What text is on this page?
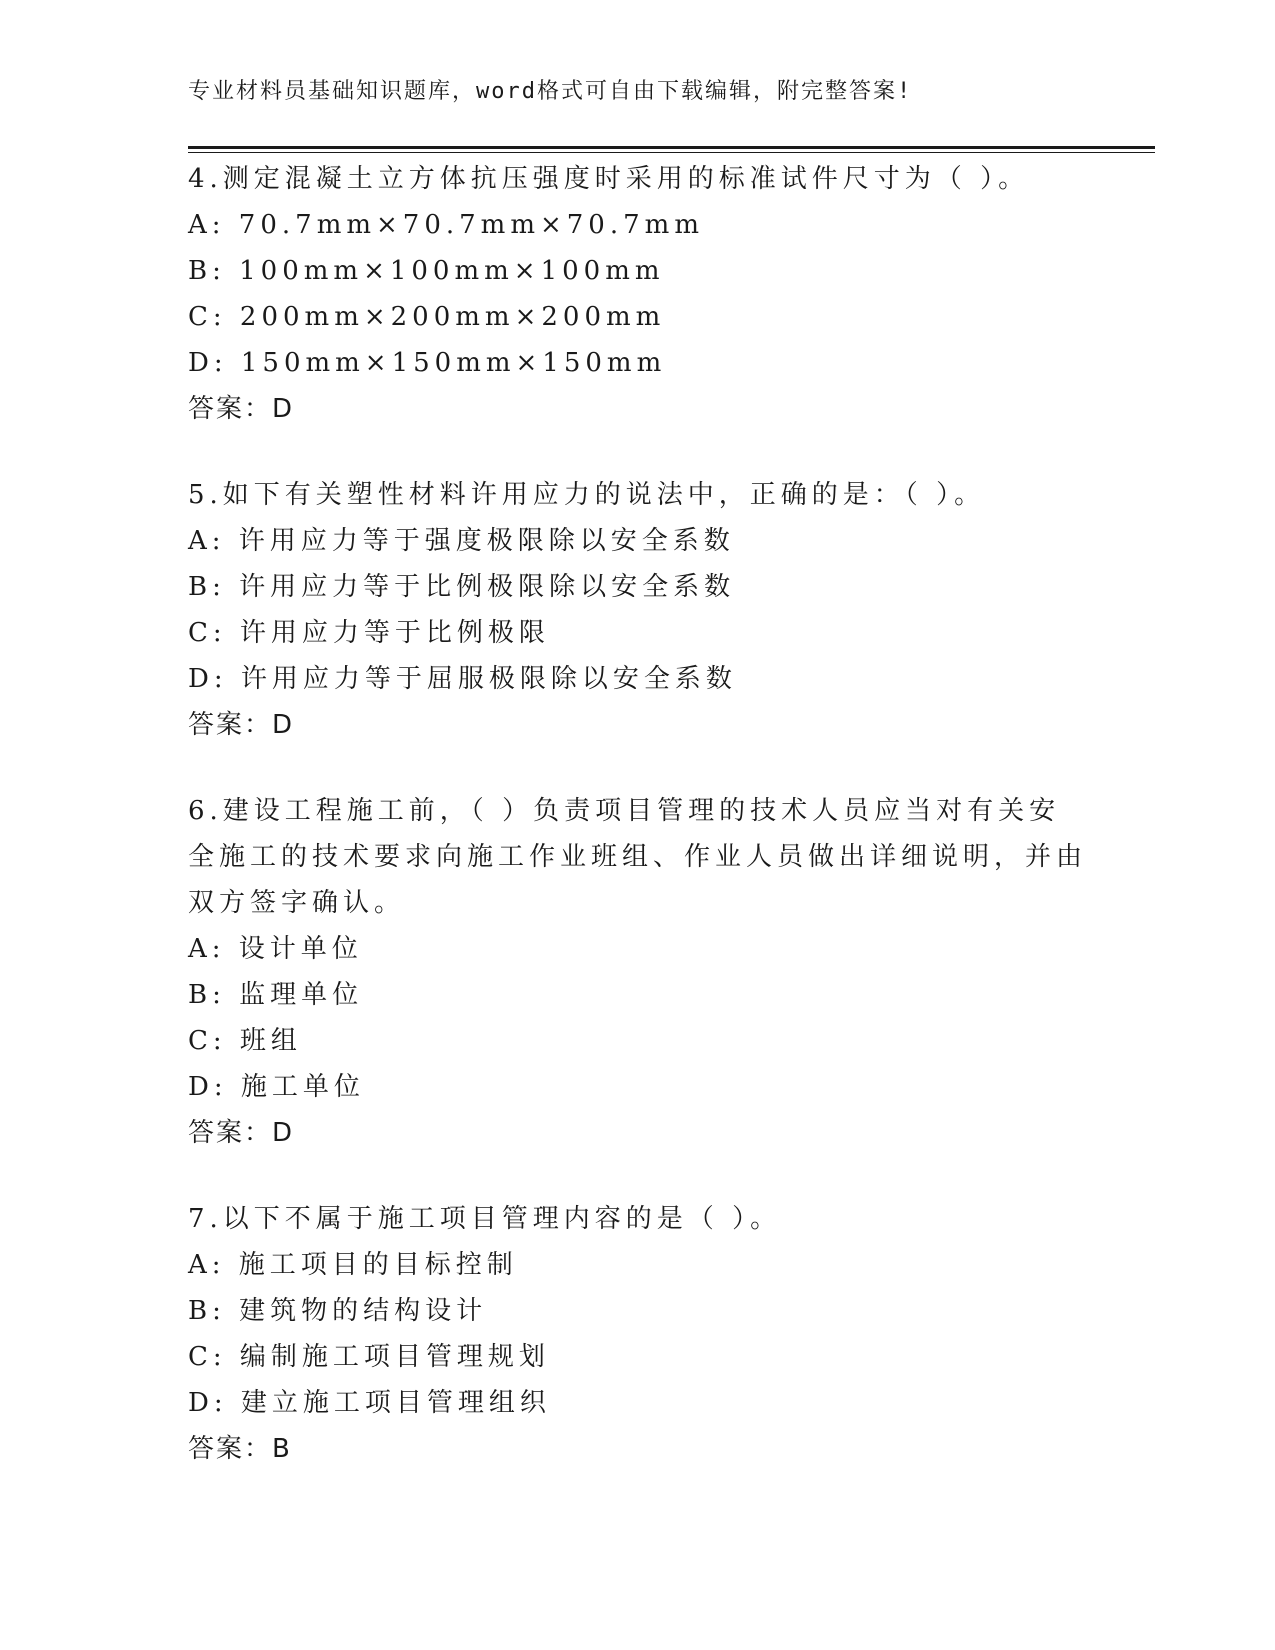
专业材料员基础知识题库，word格式可自由下载编辑，附完整答案!
4.测定混凝土立方体抗压强度时采用的标准试件尺寸为（ ）。
A: 70.7mm×70.7mm×70.7mm
B: 100mm×100mm×100mm
C: 200mm×200mm×200mm
D: 150mm×150mm×150mm
答案：D
5.如下有关塑性材料许用应力的说法中，正确的是：（ ）。
A: 许用应力等于强度极限除以安全系数
B: 许用应力等于比例极限除以安全系数
C: 许用应力等于比例极限
D: 许用应力等于屈服极限除以安全系数
答案：D
6.建设工程施工前，（ ）负责项目管理的技术人员应当对有关安全施工的技术要求向施工作业班组、作业人员做出详细说明，并由双方签字确认。
A: 设计单位
B: 监理单位
C: 班组
D: 施工单位
答案：D
7.以下不属于施工项目管理内容的是（ ）。
A: 施工项目的目标控制
B: 建筑物的结构设计
C: 编制施工项目管理规划
D: 建立施工项目管理组织
答案：B
